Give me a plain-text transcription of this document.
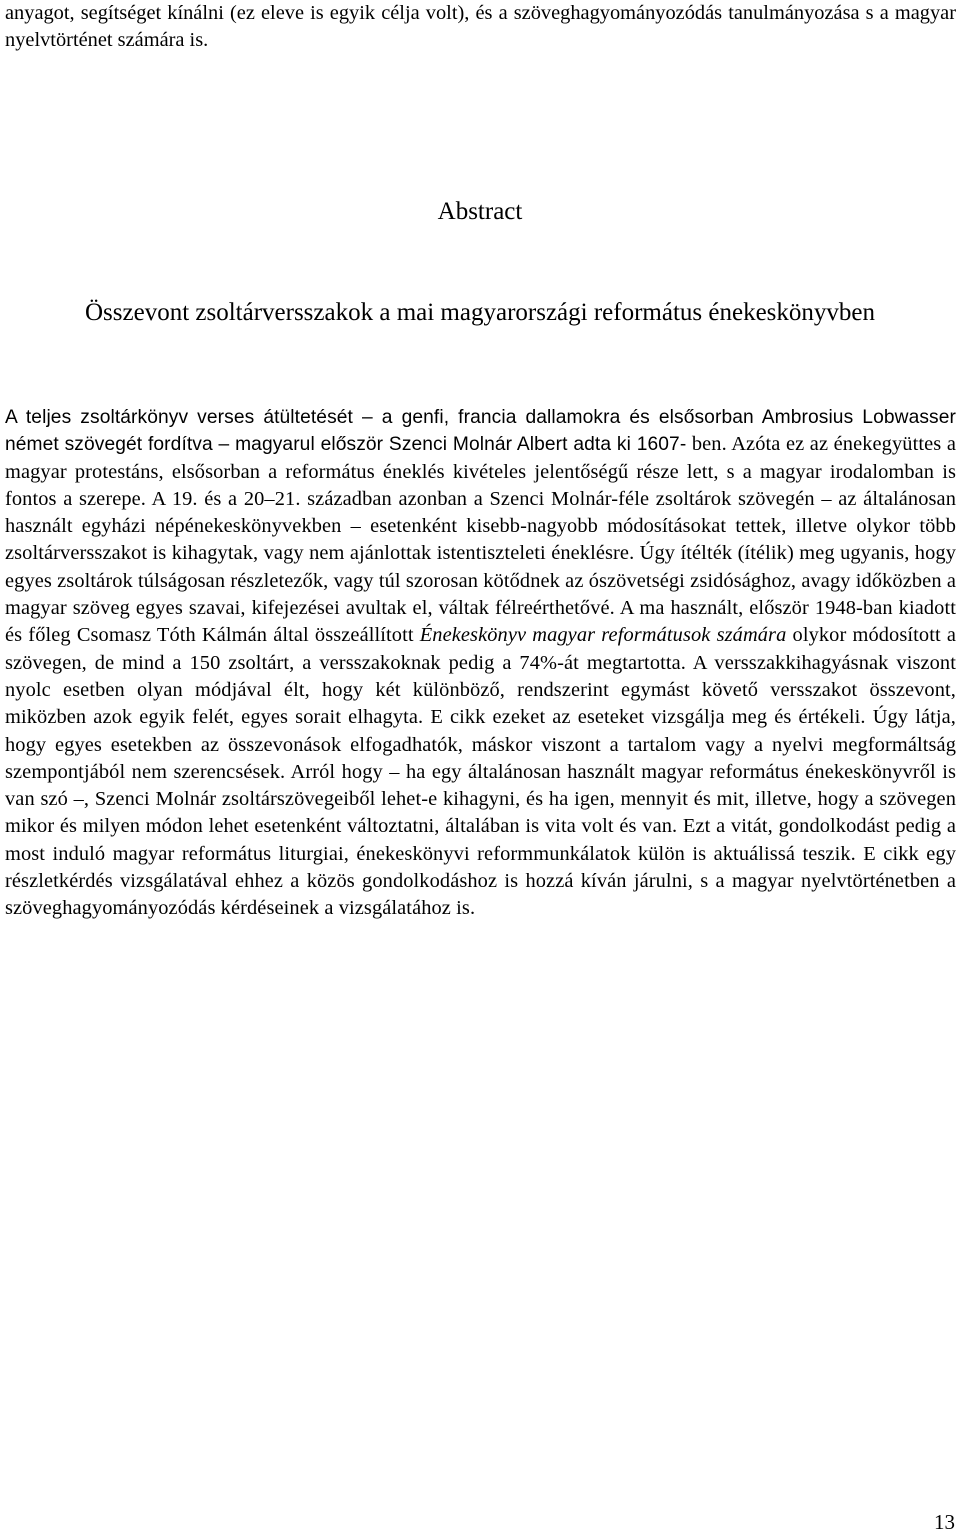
anyagot, segítséget kínálni (ez eleve is egyik célja volt), és a szöveghagyományozódás tanulmányozása s a magyar nyelvtörténet számára is.

Abstract
Összevont zsoltárversszakok a mai magyarországi református énekeskönyvben

A teljes zsoltárkönyv verses átültetését – a genfi, francia dallamokra és elsősorban Ambrosius Lobwasser német szövegét fordítva – magyarul először Szenci Molnár Albert adta ki 1607- ben. Azóta ez az énekegyüttes a magyar protestáns, elsősorban a református éneklés kivételes jelentőségű része lett, s a magyar irodalomban is fontos a szerepe. A 19. és a 20–21. században azonban a Szenci Molnár-féle zsoltárok szövegén – az általánosan használt egyházi népénekeskönyvekben – esetenként kisebb-nagyobb módosításokat tettek, illetve olykor több zsoltárversszakot is kihagytak, vagy nem ajánlottak istentiszteleti éneklésre. Úgy ítélték (ítélik) meg ugyanis, hogy egyes zsoltárok túlságosan részletezők, vagy túl szorosan kötődnek az ószövetségi zsidósághoz, avagy időközben a magyar szöveg egyes szavai, kifejezései avultak el, váltak félreérthetővé. A ma használt, először 1948-ban kiadott és főleg Csomasz Tóth Kálmán által összeállított Énekeskönyv magyar reformátusok számára olykor módosított a szövegen, de mind a 150 zsoltárt, a versszakoknak pedig a 74%-át megtartotta. A versszakkihagyásnak viszont nyolc esetben olyan módjával élt, hogy két különböző, rendszerint egymást követő versszakot összevont, miközben azok egyik felét, egyes sorait elhagyta. E cikk ezeket az eseteket vizsgálja meg és értékeli. Úgy látja, hogy egyes esetekben az összevonások elfogadhatók, máskor viszont a tartalom vagy a nyelvi megformáltság szempontjából nem szerencsések. Arról hogy – ha egy általánosan használt magyar református énekeskönyvről is van szó –, Szenci Molnár zsoltárszövegeiből lehet-e kihagyni, és ha igen, mennyit és mit, illetve, hogy a szövegen mikor és milyen módon lehet esetenként változtatni, általában is vita volt és van. Ezt a vitát, gondolkodást pedig a most induló magyar református liturgiai, énekeskönyvi reformmunkálatok külön is aktuálissá teszik. E cikk egy részletkérdés vizsgálatával ehhez a közös gondolkodáshoz is hozzá kíván járulni, s a magyar nyelvtörténetben a szöveghagyományozódás kérdéseinek a vizsgálatához is.

13
